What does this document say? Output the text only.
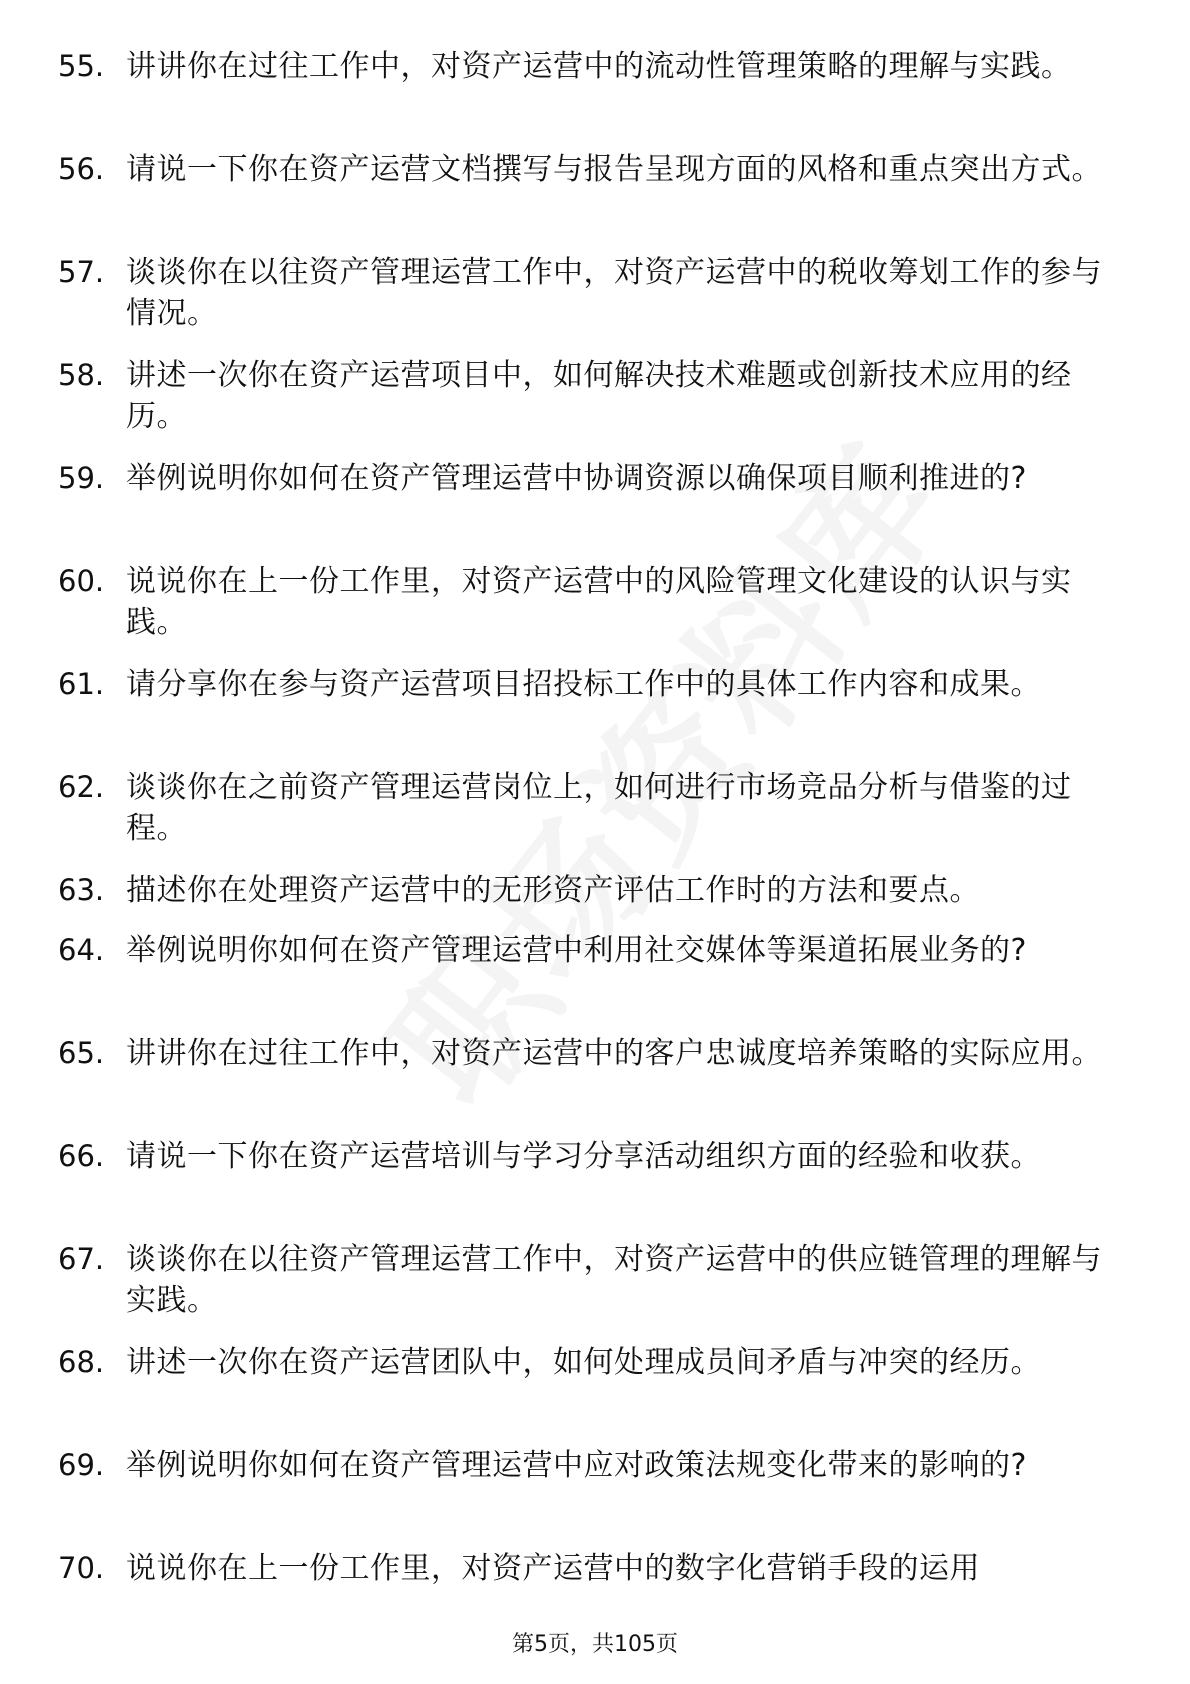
55. 讲讲你在过往工作中，对资产运营中的流动性管理策略的理解与实践。
56. 请说一下你在资产运营文档撰写与报告呈现方面的风格和重点突出方式。
57. 谈谈你在以往资产管理运营工作中，对资产运营中的税收筹划工作的参与情况。
58. 讲述一次你在资产运营项目中，如何解决技术难题或创新技术应用的经历。
59. 举例说明你如何在资产管理运营中协调资源以确保项目顺利推进的?
60. 说说你在上一份工作里，对资产运营中的风险管理文化建设的认识与实践。
61. 请分享你在参与资产运营项目招投标工作中的具体工作内容和成果。
62. 谈谈你在之前资产管理运营岗位上，如何进行市场竞品分析与借鉴的过程。
63. 描述你在处理资产运营中的无形资产评估工作时的方法和要点。
64. 举例说明你如何在资产管理运营中利用社交媒体等渠道拓展业务的?
65. 讲讲你在过往工作中，对资产运营中的客户忠诚度培养策略的实际应用。
66. 请说一下你在资产运营培训与学习分享活动组织方面的经验和收获。
67. 谈谈你在以往资产管理运营工作中，对资产运营中的供应链管理的理解与实践。
68. 讲述一次你在资产运营团队中，如何处理成员间矛盾与冲突的经历。
69. 举例说明你如何在资产管理运营中应对政策法规变化带来的影响的?
70. 说说你在上一份工作里，对资产运营中的数字化营销手段的运用
第5页，共105页
